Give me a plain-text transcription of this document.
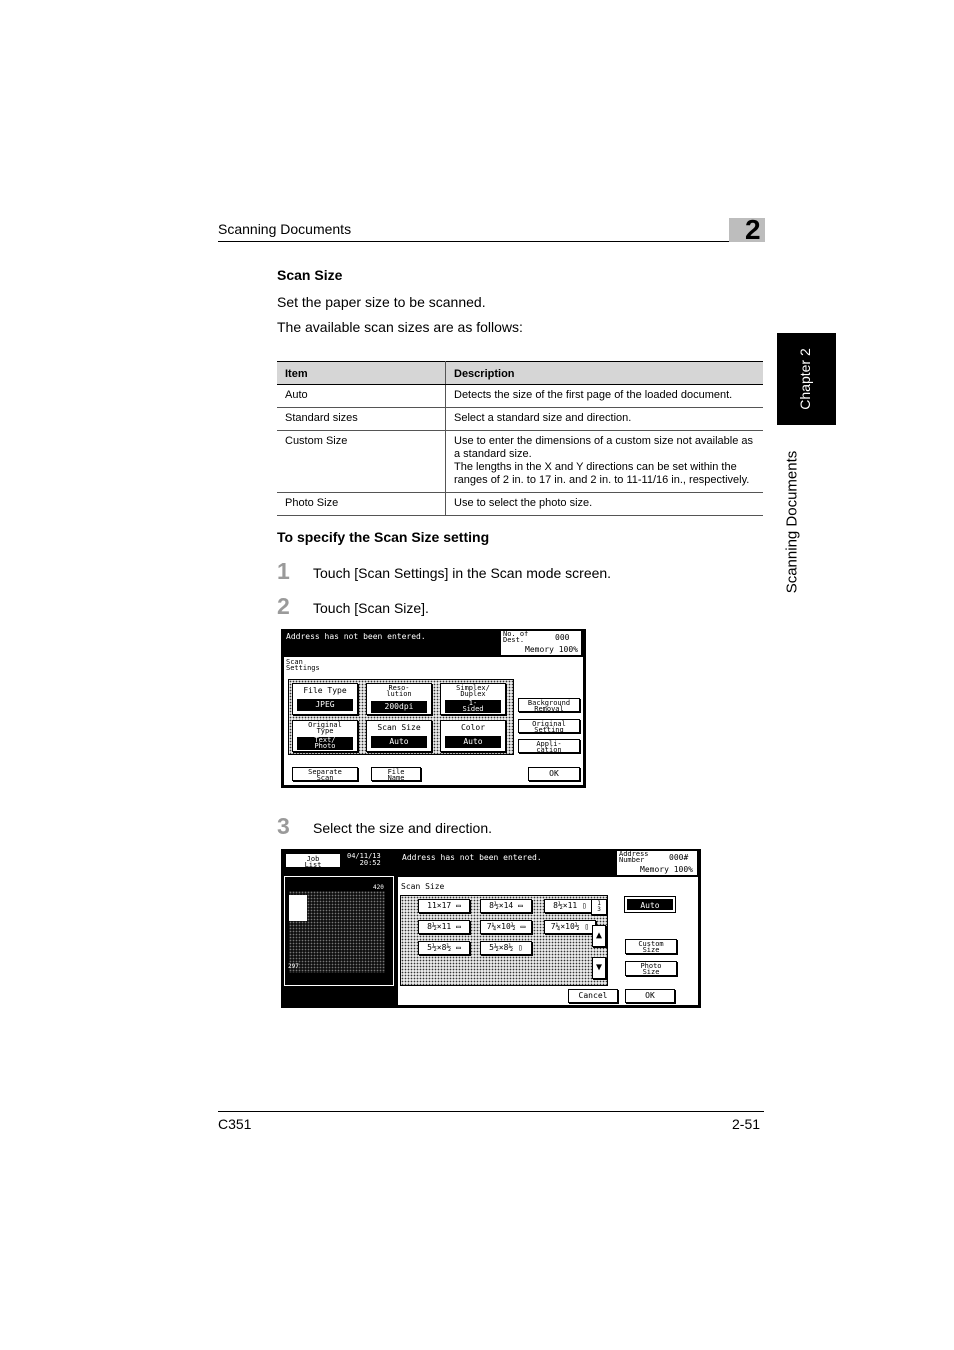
Scanning Documents	2
Chapter 2
Scanning Documents
Scan Size
Set the paper size to be scanned.
The available scan sizes are as follows:
Item	Description
Auto	Detects the size of the first page of the loaded document.
Standard sizes	Select a standard size and direction.
Custom Size	Use to enter the dimensions of a custom size not available as a standard size.
The lengths in the X and Y directions can be set within the ranges of 2 in. to 17 in. and 2 in. to 11-11/16 in., respectively.

Photo Size	Use to select the photo size.
To specify the Scan Size setting
1 Touch [Scan Settings] in the Scan mode screen.
2 Touch [Scan Size].
Address has not been entered.	No. of
Dest.	000
Memory 100%
Scan
Settings
File Type
JPEG
Reso-
lution
200dpi
Simplex/
Duplex
1-
Sided
Original
Type
Text/
Photo
Scan Size
Auto
Color
Auto
Background
Removal
Original
Setting
Appli-
cation
Separate
Scan
File
Name	OK
3 Select the size and direction.
Job
List
04/11/13
20:52
420
297
Address has not been entered.	Address
Number	000#
Memory 100%
Scan Size
11×17 ▭	8½×14 ▭	8½×11 ▯
8½×11 ▭	7¼×10½ ▭	7¼×10½ ▯
5½×8½ ▭	5½×8½ ▯
1
3
▲
▼
Auto
Custom
Size
Photo
Size
Cancel	OK
C351	2-51
